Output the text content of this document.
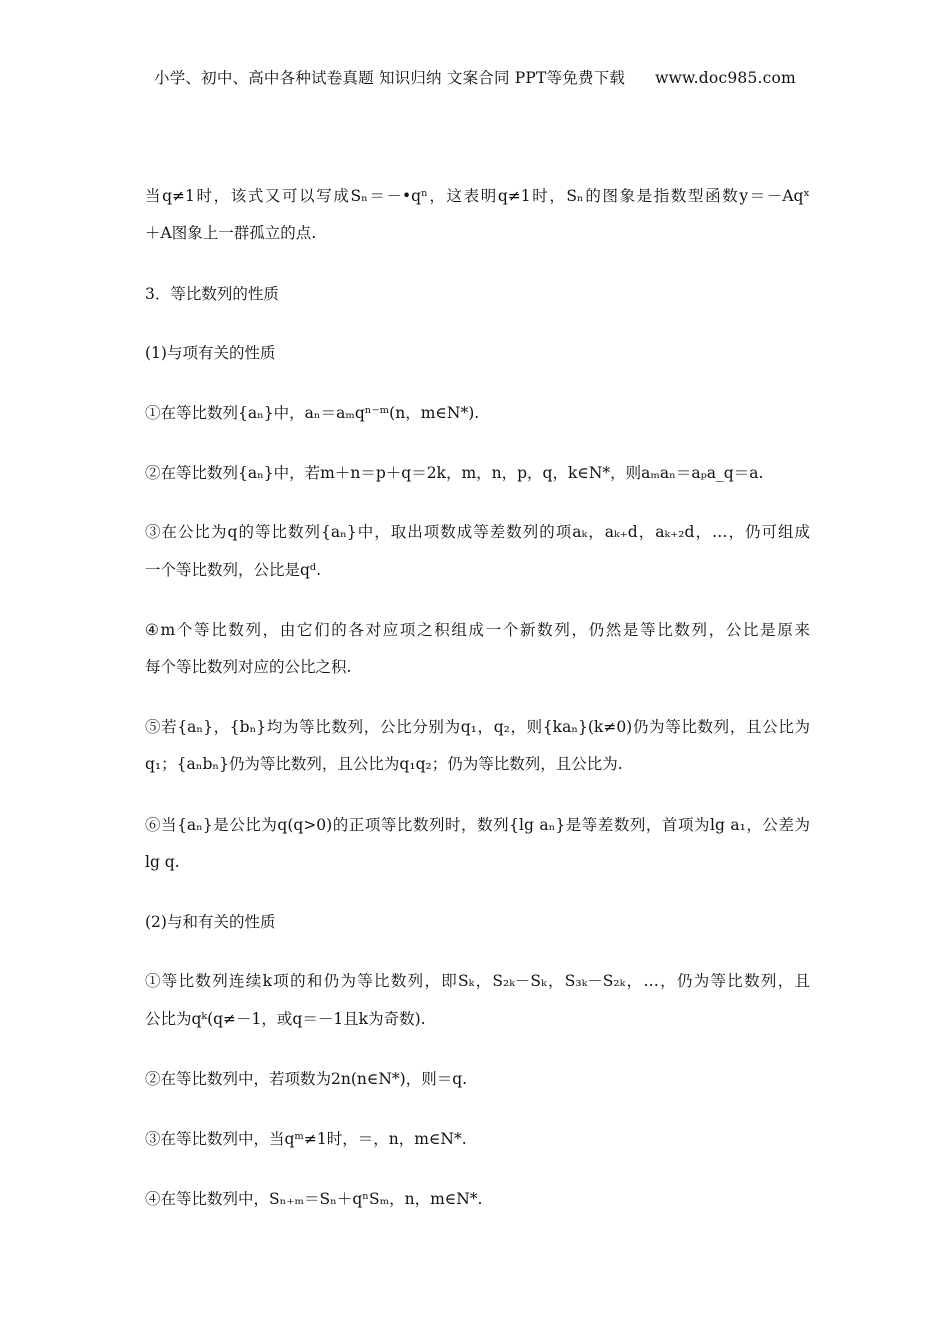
小学、初中、高中各种试卷真题 知识归纳 文案合同 PPT等免费下载 www.doc985.com
当q≠1时，该式又可以写成Sₙ＝－•qⁿ，这表明q≠1时，Sₙ的图象是指数型函数y＝－Aqˣ
＋A图象上一群孤立的点.
3．等比数列的性质
(1)与项有关的性质
①在等比数列{aₙ}中，aₙ＝aₘqⁿ⁻ᵐ(n，m∈N*).
②在等比数列{aₙ}中，若m＋n＝p＋q＝2k，m，n，p，q，k∈N*，则aₘaₙ＝aₚa_q＝a.
③在公比为q的等比数列{aₙ}中，取出项数成等差数列的项aₖ，aₖ₊d，aₖ₊₂d，…，仍可组成
一个等比数列，公比是qᵈ.
④m个等比数列，由它们的各对应项之积组成一个新数列，仍然是等比数列，公比是原来
每个等比数列对应的公比之积.
⑤若{aₙ}，{bₙ}均为等比数列，公比分别为q₁，q₂，则{kaₙ}(k≠0)仍为等比数列，且公比为
q₁；{aₙbₙ}仍为等比数列，且公比为q₁q₂；仍为等比数列，且公比为.
⑥当{aₙ}是公比为q(q>0)的正项等比数列时，数列{lg aₙ}是等差数列，首项为lg a₁，公差为
lg q.
(2)与和有关的性质
①等比数列连续k项的和仍为等比数列，即Sₖ，S₂ₖ－Sₖ，S₃ₖ－S₂ₖ，…，仍为等比数列，且
公比为qᵏ(q≠－1，或q＝－1且k为奇数).
②在等比数列中，若项数为2n(n∈N*)，则＝q.
③在等比数列中，当qᵐ≠1时，＝，n，m∈N*.
④在等比数列中，Sₙ₊ₘ＝Sₙ＋qⁿSₘ，n，m∈N*.
